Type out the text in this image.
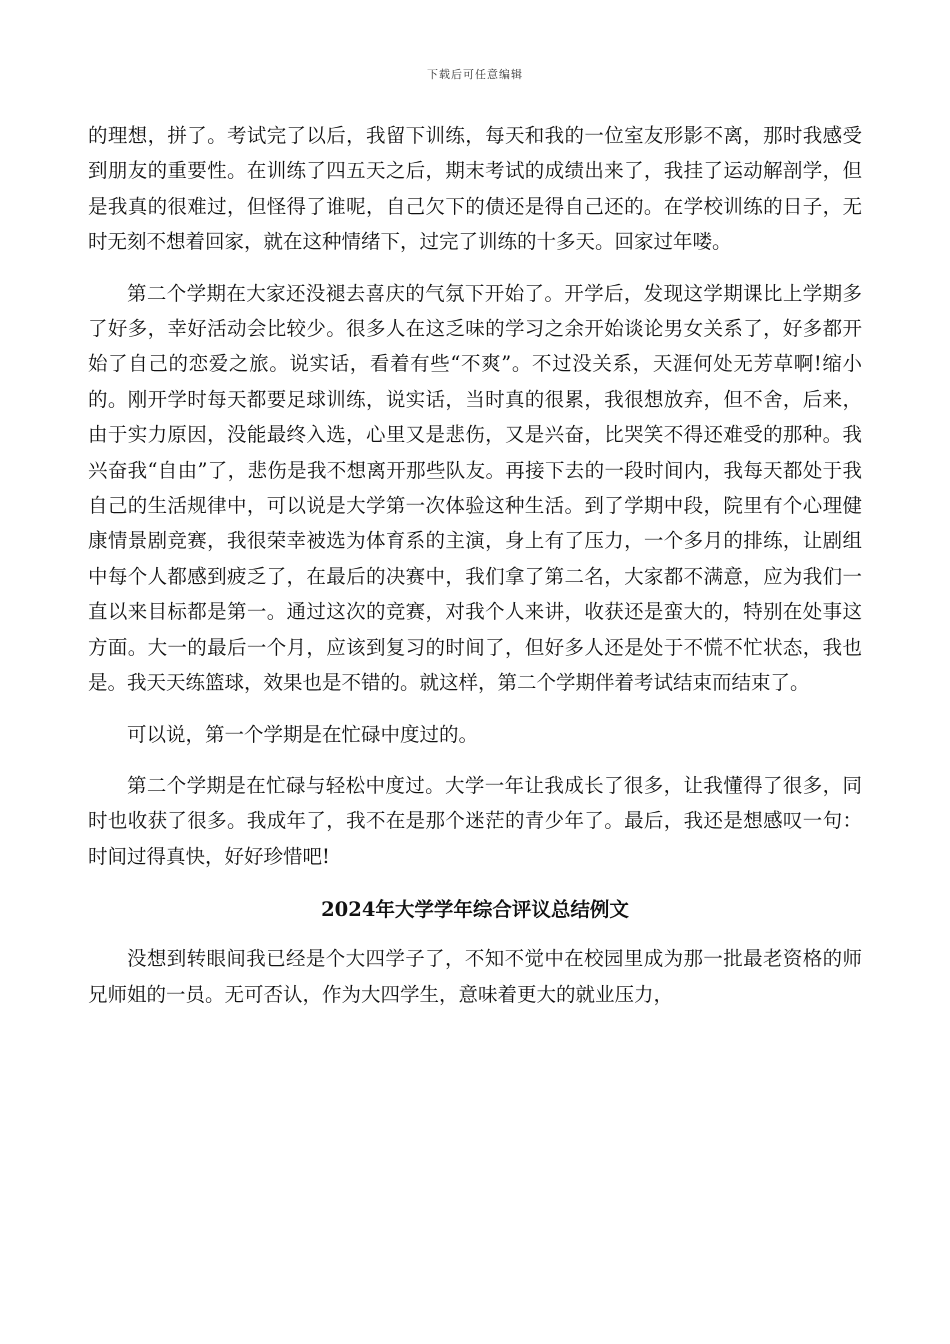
下载后可任意编辑

的理想，拼了。考试完了以后，我留下训练，每天和我的一位室友形影不离，那时我感受到朋友的重要性。在训练了四五天之后，期末考试的成绩出来了，我挂了运动解剖学，但是我真的很难过，但怪得了谁呢，自己欠下的债还是得自己还的。在学校训练的日子，无时无刻不想着回家，就在这种情绪下，过完了训练的十多天。回家过年喽。

第二个学期在大家还没褪去喜庆的气氛下开始了。开学后，发现这学期课比上学期多了好多，幸好活动会比较少。很多人在这乏味的学习之余开始谈论男女关系了，好多都开始了自己的恋爱之旅。说实话，看着有些“不爽”。不过没关系，天涯何处无芳草啊!缩小的。刚开学时每天都要足球训练，说实话，当时真的很累，我很想放弃，但不舍，后来，由于实力原因，没能最终入选，心里又是悲伤，又是兴奋，比哭笑不得还难受的那种。我兴奋我“自由”了，悲伤是我不想离开那些队友。再接下去的一段时间内，我每天都处于我自己的生活规律中，可以说是大学第一次体验这种生活。到了学期中段，院里有个心理健康情景剧竞赛，我很荣幸被选为体育系的主演，身上有了压力，一个多月的排练，让剧组中每个人都感到疲乏了，在最后的决赛中，我们拿了第二名，大家都不满意，应为我们一直以来目标都是第一。通过这次的竞赛，对我个人来讲，收获还是蛮大的，特别在处事这方面。大一的最后一个月，应该到复习的时间了，但好多人还是处于不慌不忙状态，我也是。我天天练篮球，效果也是不错的。就这样，第二个学期伴着考试结束而结束了。

可以说，第一个学期是在忙碌中度过的。

第二个学期是在忙碌与轻松中度过。大学一年让我成长了很多，让我懂得了很多，同时也收获了很多。我成年了，我不在是那个迷茫的青少年了。最后，我还是想感叹一句：时间过得真快，好好珍惜吧!

2024年大学学年综合评议总结例文

没想到转眼间我已经是个大四学子了，不知不觉中在校园里成为那一批最老资格的师兄师姐的一员。无可否认，作为大四学生，意味着更大的就业压力，
